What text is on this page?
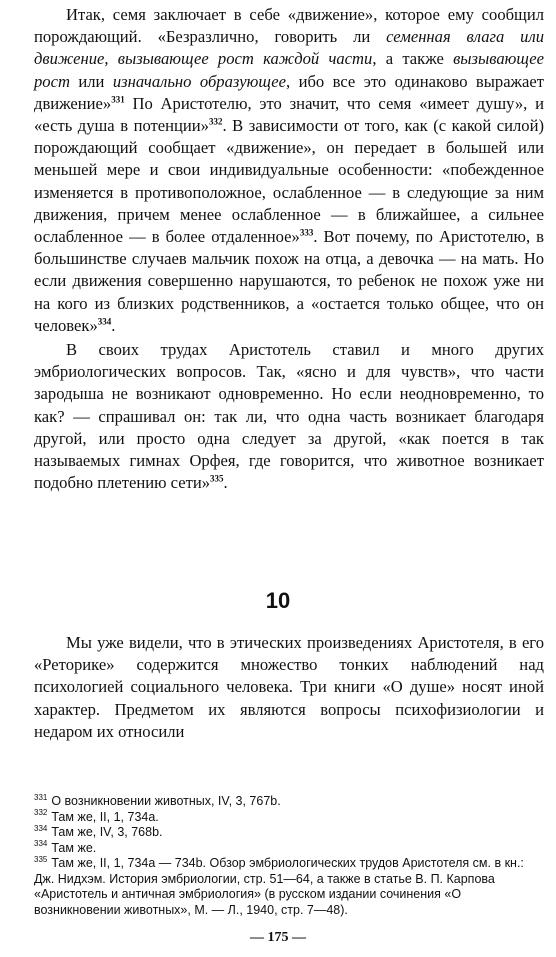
Итак, семя заключает в себе «движение», которое ему сообщил порождающий. «Безразлично, говорить ли семенная влага или движение, вызывающее рост каждой части, а также вызывающее рост или изначально образующее, ибо все это одинаково выражает движение»$^{331}$ По Аристотелю, это значит, что семя «имеет душу», и «есть душа в потенции»$^{332}$. В зависимости от того, как (с какой силой) порождающий сообщает «движение», он передает в большей или меньшей мере и свои индивидуальные особенности: «побежденное изменяется в противоположное, ослабленное — в следующие за ним движения, причем менее ослабленное — в ближайшее, а сильнее ослабленное — в более отдаленное»$^{333}$. Вот почему, по Аристотелю, в большинстве случаев мальчик похож на отца, а девочка — на мать. Но если движения совершенно нарушаются, то ребенок не похож уже ни на кого из близких родственников, а «остается только общее, что он человек»$^{334}$.

В своих трудах Аристотель ставил и много других эмбриологических вопросов. Так, «ясно и для чувств», что части зародыша не возникают одновременно. Но если неодновременно, то как? — спрашивал он: так ли, что одна часть возникает благодаря другой, или просто одна следует за другой, «как поется в так называемых гимнах Орфея, где говорится, что животное возникает подобно плетению сети»$^{335}$.

10

Мы уже видели, что в этических произведениях Аристотеля, в его «Реторике» содержится множество тонких наблюдений над психологией социального человека. Три книги «О душе» носят иной характер. Предметом их являются вопросы психофизиологии и недаром их относили

$^{331}$ О возникновении животных, IV, 3, 767b.

$^{332}$ Там же, II, 1, 734a.

$^{334}$ Там же, IV, 3, 768b.

$^{334}$ Там же.

$^{335}$ Там же, II, 1, 734a — 734b. Обзор эмбриологических трудов Аристотеля см. в кн.: Дж. Нидхэм. История эмбриологии, стр. 51—64, а также в статье В. П. Карпова «Аристотель и античная эмбриология» (в русском издании сочинения «О возникновении животных», М. — Л., 1940, стр. 7—48).

— 175 —
